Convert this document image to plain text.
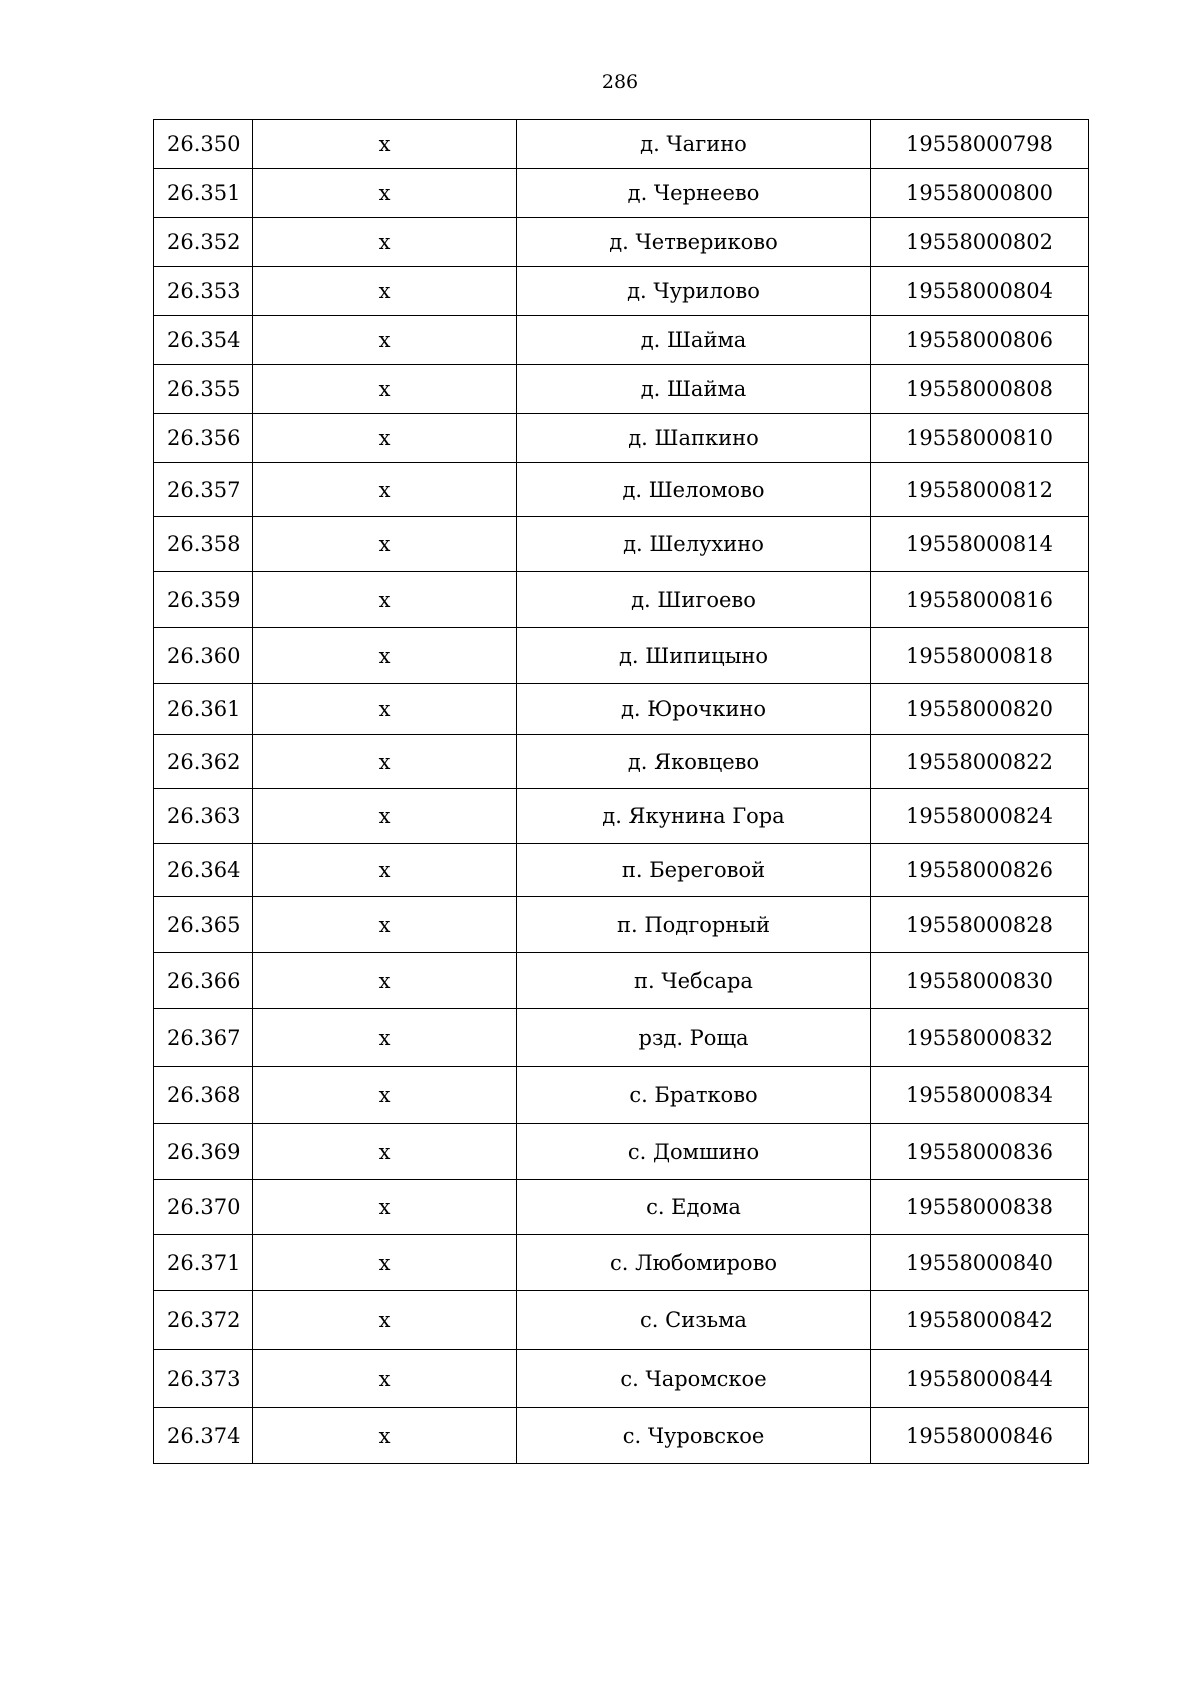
286
26.350	x	д. Чагино	19558000798
26.351	x	д. Чернеево	19558000800
26.352	x	д. Четвериково	19558000802
26.353	x	д. Чурилово	19558000804
26.354	x	д. Шайма	19558000806
26.355	x	д. Шайма	19558000808
26.356	x	д. Шапкино	19558000810
26.357	x	д. Шеломово	19558000812
26.358	x	д. Шелухино	19558000814
26.359	x	д. Шигоево	19558000816
26.360	x	д. Шипицыно	19558000818
26.361	x	д. Юрочкино	19558000820
26.362	x	д. Яковцево	19558000822
26.363	x	д. Якунина Гора	19558000824
26.364	x	п. Береговой	19558000826
26.365	x	п. Подгорный	19558000828
26.366	x	п. Чебсара	19558000830
26.367	x	рзд. Роща	19558000832
26.368	x	с. Братково	19558000834
26.369	x	с. Домшино	19558000836
26.370	x	с. Едома	19558000838
26.371	x	с. Любомирово	19558000840
26.372	x	с. Сизьма	19558000842
26.373	x	с. Чаромское	19558000844
26.374	x	с. Чуровское	19558000846
